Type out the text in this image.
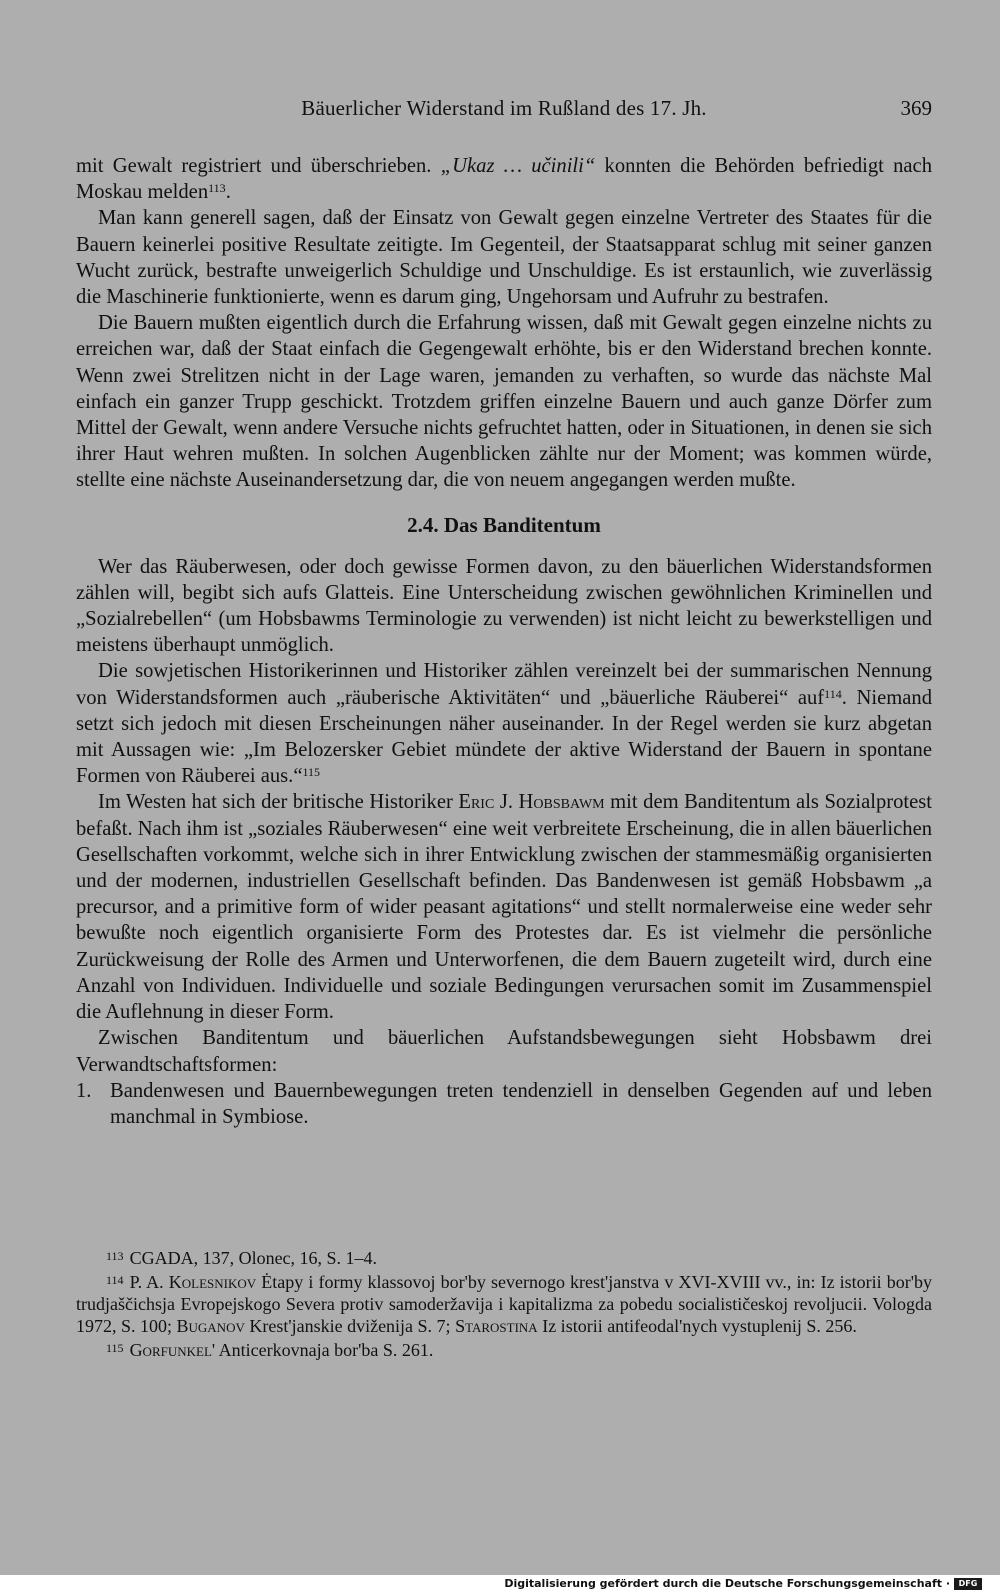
Bäuerlicher Widerstand im Rußland des 17. Jh.	369

mit Gewalt registriert und überschrieben. „Ukaz … učinili“ konnten die Behörden befriedigt nach Moskau melden$^{113}$.

Man kann generell sagen, daß der Einsatz von Gewalt gegen einzelne Vertreter des Staates für die Bauern keinerlei positive Resultate zeitigte. Im Gegenteil, der Staatsapparat schlug mit seiner ganzen Wucht zurück, bestrafte unweigerlich Schuldige und Unschuldige. Es ist erstaunlich, wie zuverlässig die Maschinerie funktionierte, wenn es darum ging, Ungehorsam und Aufruhr zu bestrafen.

Die Bauern mußten eigentlich durch die Erfahrung wissen, daß mit Gewalt gegen einzelne nichts zu erreichen war, daß der Staat einfach die Gegengewalt erhöhte, bis er den Widerstand brechen konnte. Wenn zwei Strelitzen nicht in der Lage waren, jemanden zu verhaften, so wurde das nächste Mal einfach ein ganzer Trupp geschickt. Trotzdem griffen einzelne Bauern und auch ganze Dörfer zum Mittel der Gewalt, wenn andere Versuche nichts gefruchtet hatten, oder in Situationen, in denen sie sich ihrer Haut wehren mußten. In solchen Augenblicken zählte nur der Moment; was kommen würde, stellte eine nächste Auseinandersetzung dar, die von neuem angegangen werden mußte.

2.4. Das Banditentum

Wer das Räuberwesen, oder doch gewisse Formen davon, zu den bäuerlichen Widerstandsformen zählen will, begibt sich aufs Glatteis. Eine Unterscheidung zwischen gewöhnlichen Kriminellen und „Sozialrebellen“ (um Hobsbawms Terminologie zu verwenden) ist nicht leicht zu bewerkstelligen und meistens überhaupt unmöglich.

Die sowjetischen Historikerinnen und Historiker zählen vereinzelt bei der summarischen Nennung von Widerstandsformen auch „räuberische Aktivitäten“ und „bäuerliche Räuberei“ auf$^{114}$. Niemand setzt sich jedoch mit diesen Erscheinungen näher auseinander. In der Regel werden sie kurz abgetan mit Aussagen wie: „Im Belozersker Gebiet mündete der aktive Widerstand der Bauern in spontane Formen von Räuberei aus.“$^{115}$

Im Westen hat sich der britische Historiker Eric J. Hobsbawm mit dem Banditentum als Sozialprotest befaßt. Nach ihm ist „soziales Räuberwesen“ eine weit verbreitete Erscheinung, die in allen bäuerlichen Gesellschaften vorkommt, welche sich in ihrer Entwicklung zwischen der stammesmäßig organisierten und der modernen, industriellen Gesellschaft befinden. Das Bandenwesen ist gemäß Hobsbawm „a precursor, and a primitive form of wider peasant agitations“ und stellt normalerweise eine weder sehr bewußte noch eigentlich organisierte Form des Protestes dar. Es ist vielmehr die persönliche Zurückweisung der Rolle des Armen und Unterworfenen, die dem Bauern zugeteilt wird, durch eine Anzahl von Individuen. Individuelle und soziale Bedingungen verursachen somit im Zusammenspiel die Auflehnung in dieser Form.

Zwischen Banditentum und bäuerlichen Aufstandsbewegungen sieht Hobsbawm drei Verwandtschaftsformen:

1. Bandenwesen und Bauernbewegungen treten tendenziell in denselben Gegenden auf und leben manchmal in Symbiose.

$^{113}$ CGADA, 137, Olonec, 16, S. 1–4.

$^{114}$ P. A. Kolesnikov Ėtapy i formy klassovoj bor'by severnogo krest'janstva v XVI-XVIII vv., in: Iz istorii bor'by trudjaščichsja Evropejskogo Severa protiv samoderžavija i kapitalizma za pobedu socialističeskoj revoljucii. Vologda 1972, S. 100; Buganov Krest'janskie dviženija S. 7; Starostina Iz istorii antifeodal'nych vystuplenij S. 256.

$^{115}$ Gorfunkel' Anticerkovnaja bor'ba S. 261.

Digitalisierung gefördert durch die Deutsche Forschungsgemeinschaft ·	DFG
